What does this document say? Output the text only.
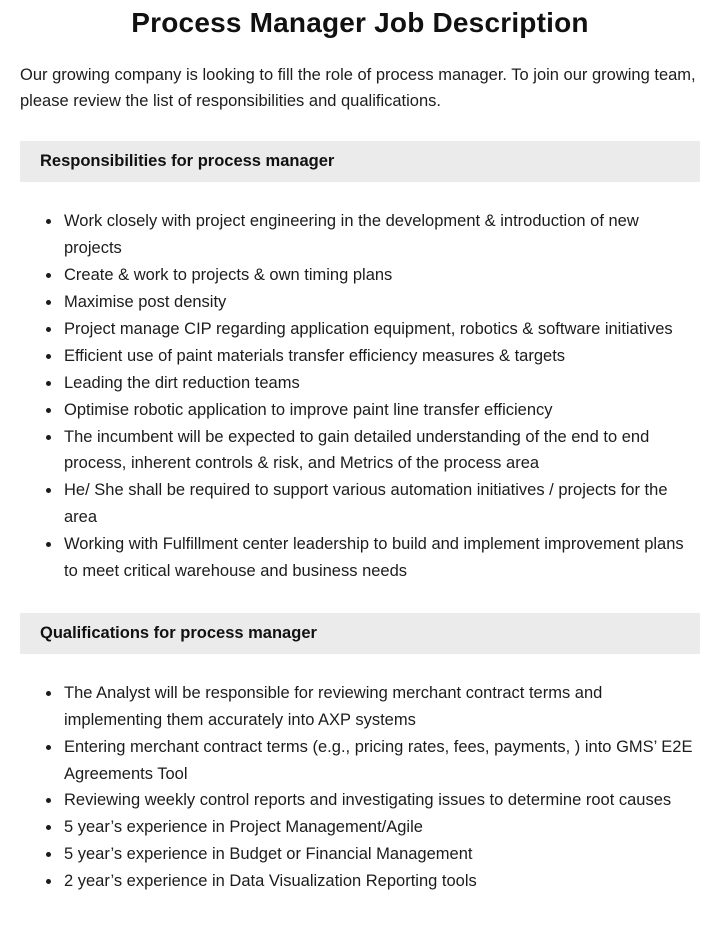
Process Manager Job Description

Our growing company is looking to fill the role of process manager. To join our growing team, please review the list of responsibilities and qualifications.

Responsibilities for process manager
• Work closely with project engineering in the development & introduction of new projects
• Create & work to projects & own timing plans
• Maximise post density
• Project manage CIP regarding application equipment, robotics & software initiatives
• Efficient use of paint materials transfer efficiency measures & targets
• Leading the dirt reduction teams
• Optimise robotic application to improve paint line transfer efficiency
• The incumbent will be expected to gain detailed understanding of the end to end process, inherent controls & risk, and Metrics of the process area
• He/ She shall be required to support various automation initiatives / projects for the area
• Working with Fulfillment center leadership to build and implement improvement plans to meet critical warehouse and business needs
Qualifications for process manager
• The Analyst will be responsible for reviewing merchant contract terms and implementing them accurately into AXP systems
• Entering merchant contract terms (e.g., pricing rates, fees, payments, ) into GMS’ E2E Agreements Tool
• Reviewing weekly control reports and investigating issues to determine root causes
• 5 year’s experience in Project Management/Agile
• 5 year’s experience in Budget or Financial Management
• 2 year’s experience in Data Visualization Reporting tools
